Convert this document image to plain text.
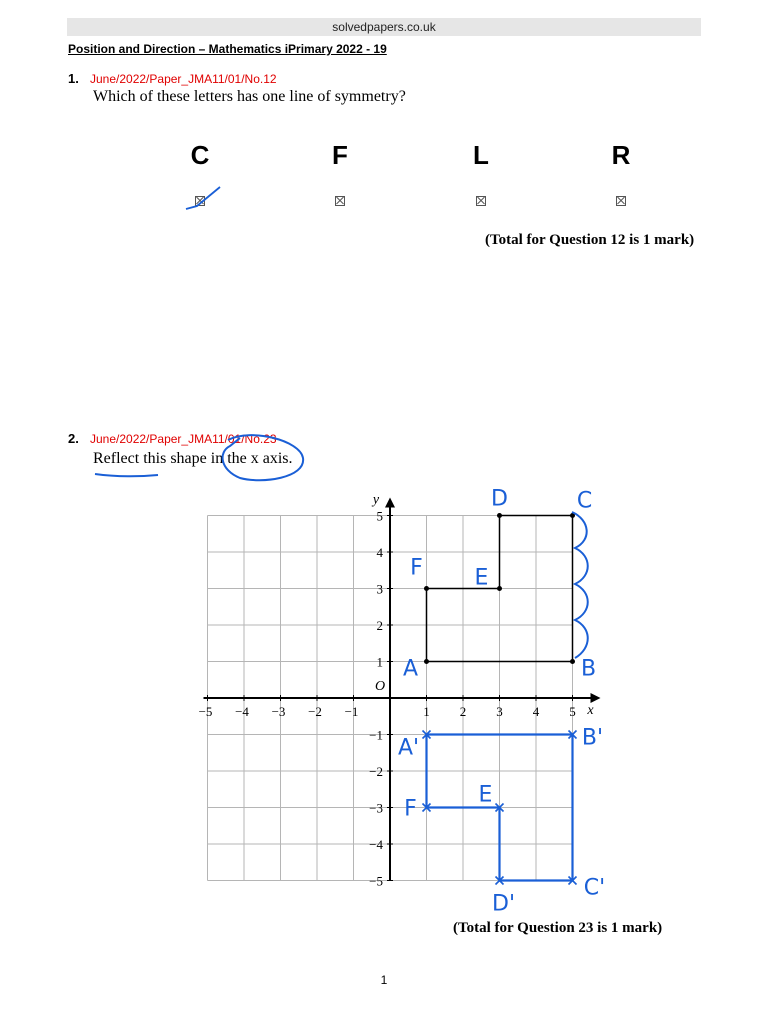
solvedpapers.co.uk
Position and Direction – Mathematics iPrimary 2022 - 19
1. June/2022/Paper_JMA11/01/No.12
Which of these letters has one line of symmetry?
C	F	L	R
(Total for Question 12 is 1 mark)
2. June/2022/Paper_JMA11/01/No.23
Reflect this shape in the x axis.
−5 −4 −3 −2 −1	1 2 3 4 5
5
4
3
2
1
−1
−2
−3
−4
−5
O
x
y
A	B
C
D
E
F
A'	B'
C'
D'
E
F
(Total for Question 23 is 1 mark)
1
